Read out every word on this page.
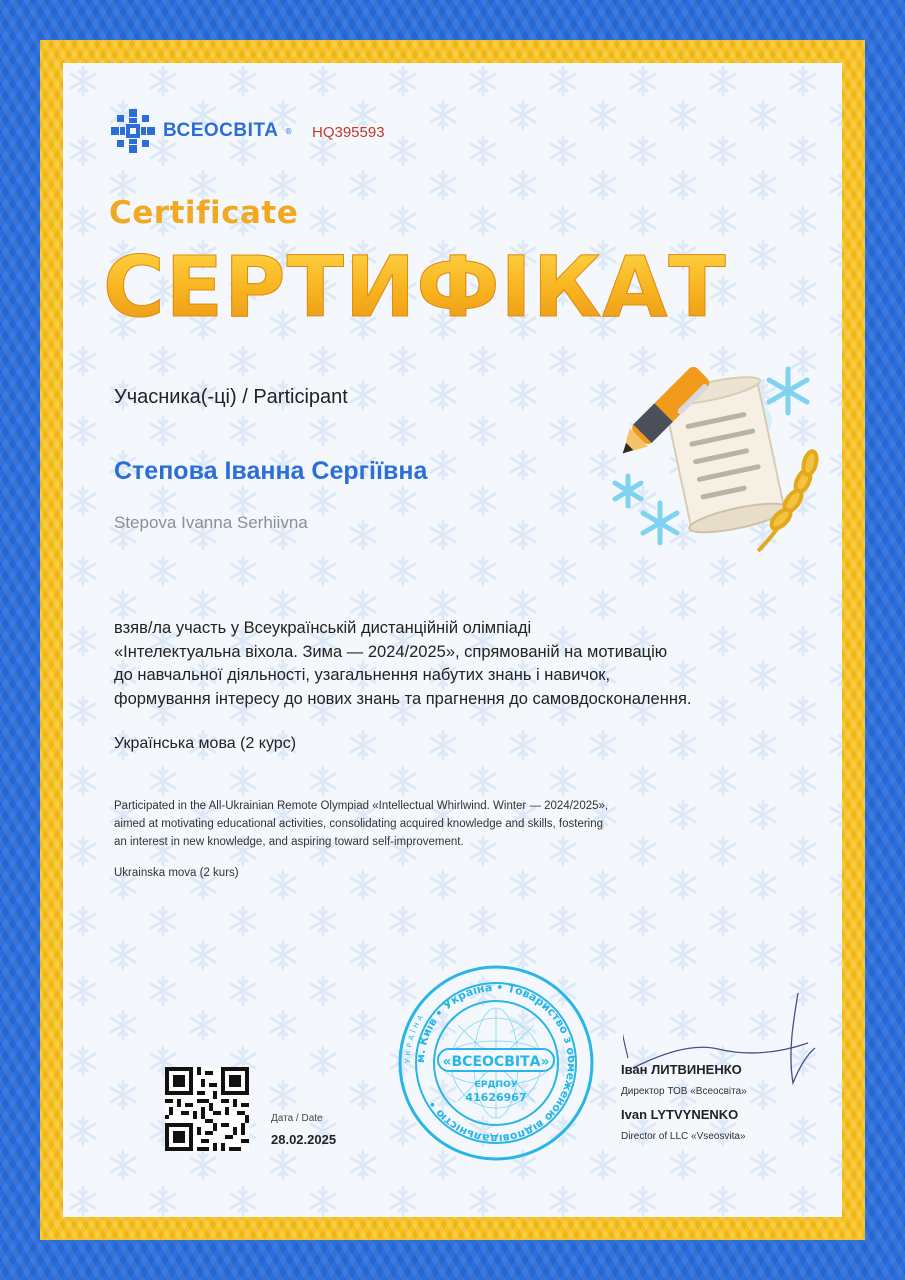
ВСЕОСВІТА ® HQ395593
Certificate
СЕРТИФІКАТ
Учасника(-ці) / Participant
Степова Іванна Сергіївна
Stepova Ivanna Serhiivna
взяв/ла участь у Всеукраїнській дистанційній олімпіаді
«Інтелектуальна віхола. Зима — 2024/2025», спрямованій на мотивацію
до навчальної діяльності, узагальнення набутих знань і навичок,
формування інтересу до нових знань та прагнення до самовдосконалення.
Українська мова (2 курс)
Participated in the All-Ukrainian Remote Olympiad «Intellectual Whirlwind. Winter — 2024/2025»,
aimed at motivating educational activities, consolidating acquired knowledge and skills, fostering
an interest in new knowledge, and aspiring toward self-improvement.
Ukrainska mova (2 kurs)
Дата / Date
28.02.2025
УКРАЇНА
м. Київ • Україна • Товариство з обмеженою відповідальністю •
«ВСЕОСВІТА»
ЄРДПОУ
41626967
Іван ЛИТВИНЕНКО
Директор ТОВ «Всеосвіта»
Ivan LYTVYNENKO
Director of LLC «Vseosvita»
